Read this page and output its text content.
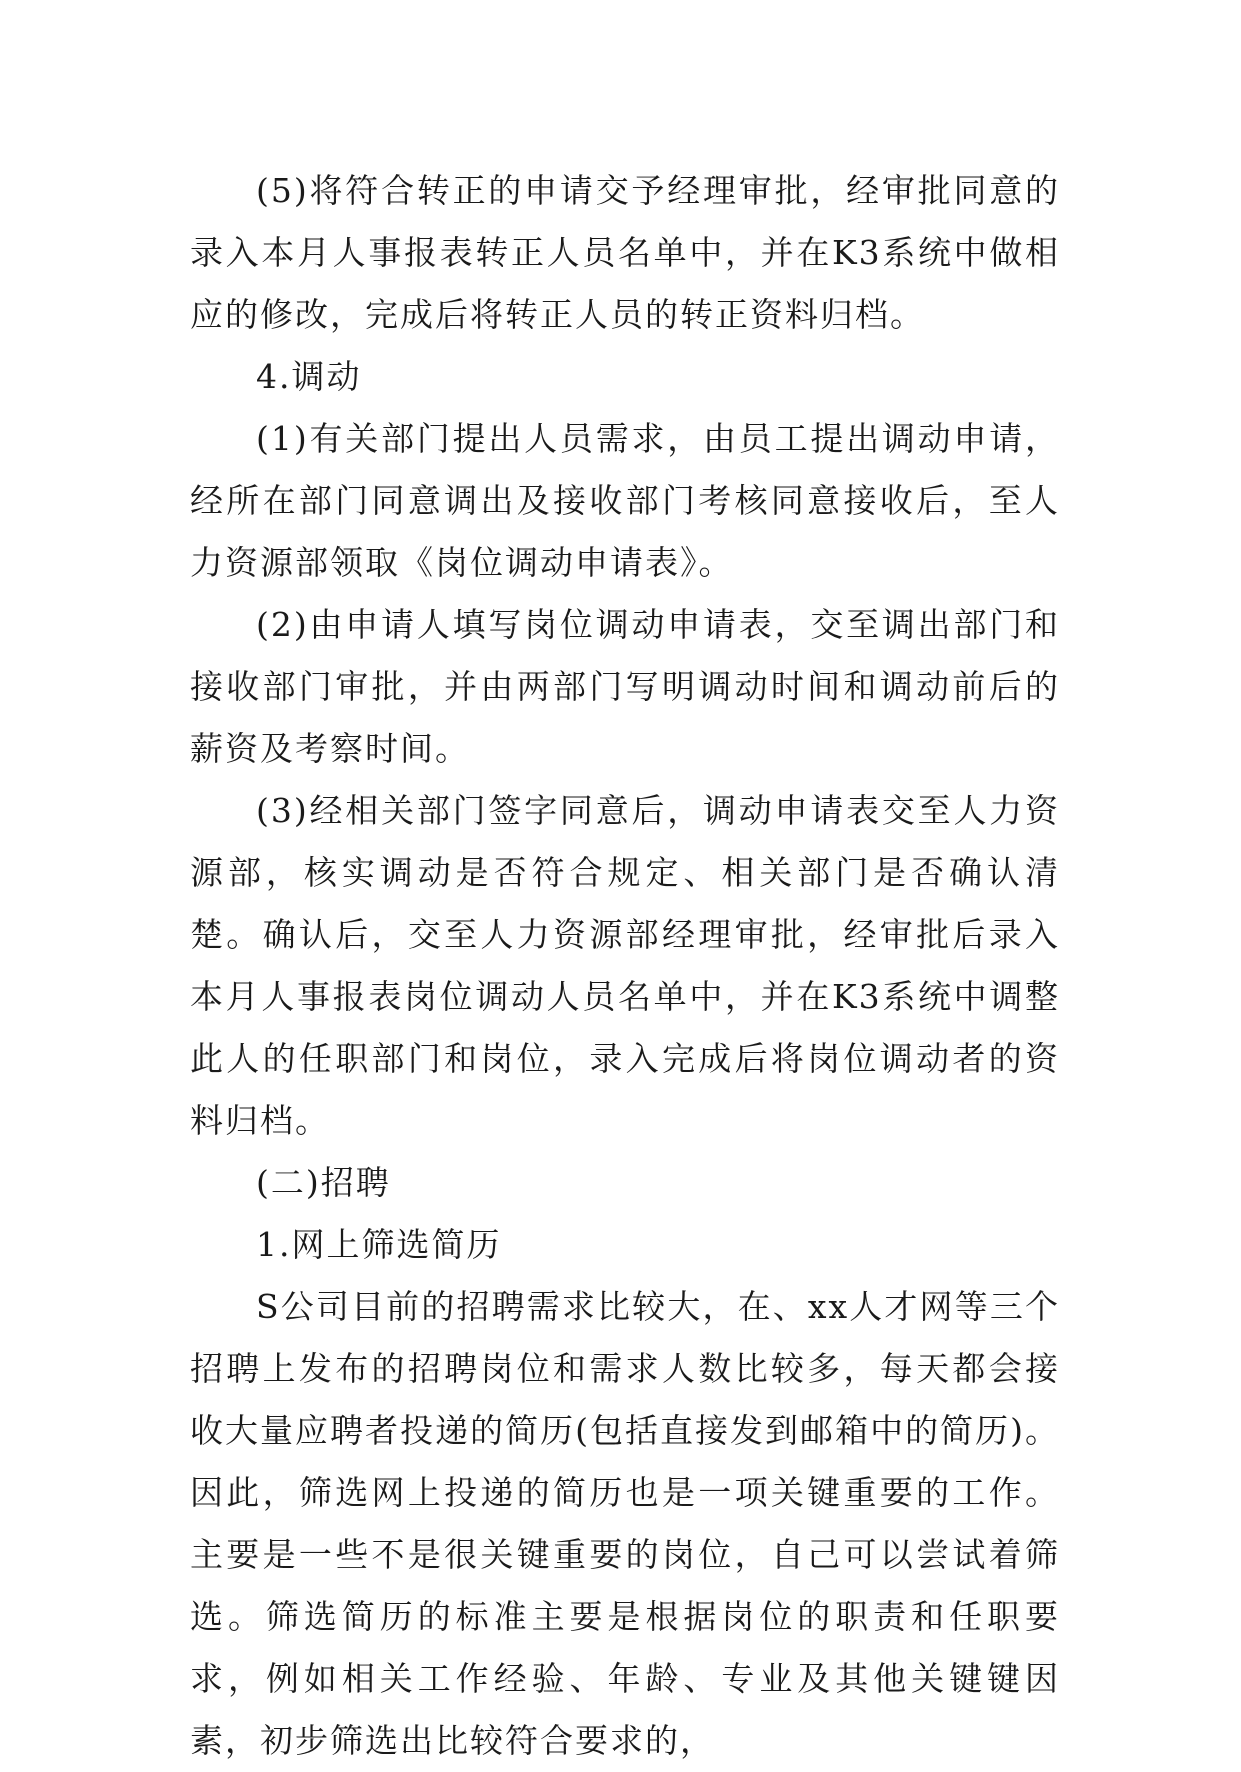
(5)将符合转正的申请交予经理审批，经审批同意的录入本月人事报表转正人员名单中，并在K3系统中做相应的修改，完成后将转正人员的转正资料归档。

4.调动

(1)有关部门提出人员需求，由员工提出调动申请，经所在部门同意调出及接收部门考核同意接收后，至人力资源部领取《岗位调动申请表》。

(2)由申请人填写岗位调动申请表，交至调出部门和接收部门审批，并由两部门写明调动时间和调动前后的薪资及考察时间。

(3)经相关部门签字同意后，调动申请表交至人力资源部，核实调动是否符合规定、相关部门是否确认清楚。确认后，交至人力资源部经理审批，经审批后录入本月人事报表岗位调动人员名单中，并在K3系统中调整此人的任职部门和岗位，录入完成后将岗位调动者的资料归档。

(二)招聘

1.网上筛选简历

S公司目前的招聘需求比较大，在、xx人才网等三个招聘上发布的招聘岗位和需求人数比较多，每天都会接收大量应聘者投递的简历(包括直接发到邮箱中的简历)。因此，筛选网上投递的简历也是一项关键重要的工作。主要是一些不是很关键重要的岗位，自己可以尝试着筛选。筛选简历的标准主要是根据岗位的职责和任职要求，例如相关工作经验、年龄、专业及其他关键键因素，初步筛选出比较符合要求的，
